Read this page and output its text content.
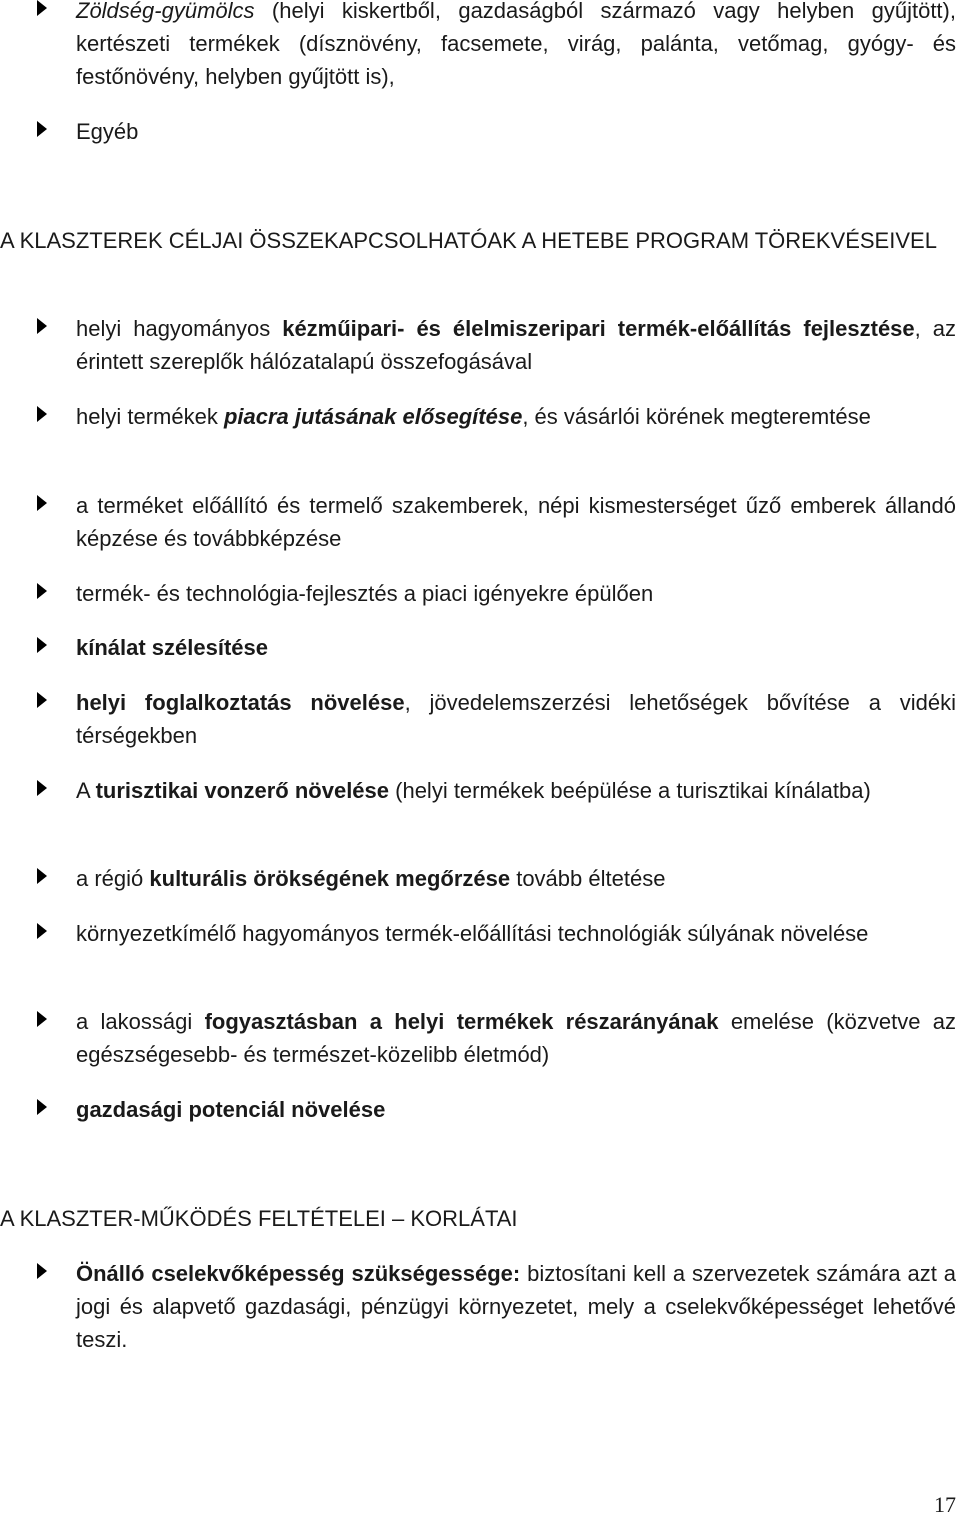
Zöldség-gyümölcs (helyi kiskertből, gazdaságból származó vagy helyben gyűjtött), kertészeti termékek (dísznövény, facsemete, virág, palánta, vetőmag, gyógy- és festőnövény, helyben gyűjtött is),
Egyéb
A KLASZTEREK CÉLJAI ÖSSZEKAPCSOLHATÓAK A HETEBE PROGRAM TÖREKVÉSEIVEL
helyi hagyományos kézműipari- és élelmiszeripari termék-előállítás fejlesztése, az érintett szereplők hálózatalapú összefogásával
helyi termékek piacra jutásának elősegítése, és vásárlói körének megteremtése
a terméket előállító és termelő szakemberek, népi kismesterséget űző emberek állandó képzése és továbbképzése
termék- és technológia-fejlesztés a piaci igényekre épülően
kínálat szélesítése
helyi foglalkoztatás növelése, jövedelemszerzési lehetőségek bővítése a vidéki térségekben
A turisztikai vonzerő növelése (helyi termékek beépülése a turisztikai kínálatba)
a régió kulturális örökségének megőrzése tovább éltetése
környezetkímélő hagyományos termék-előállítási technológiák súlyának növelése
a lakossági fogyasztásban a helyi termékek részarányának emelése (közvetve az egészségesebb- és természet-közelibb életmód)
gazdasági potenciál növelése
A KLASZTER-MŰKÖDÉS FELTÉTELEI – KORLÁTAI
Önálló cselekvőképesség szükségessége: biztosítani kell a szervezetek számára azt a jogi és alapvető gazdasági, pénzügyi környezetet, mely a cselekvőképességet lehetővé teszi.
17
